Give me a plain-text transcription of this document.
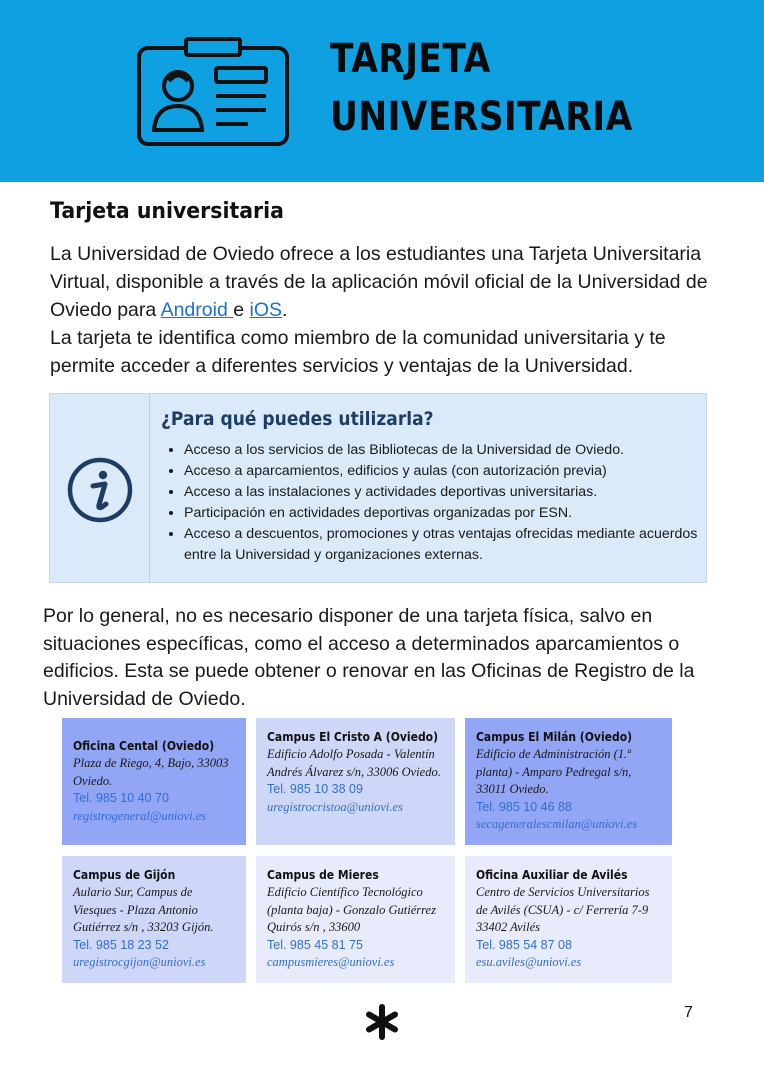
TARJETA
UNIVERSITARIA
Tarjeta universitaria
La Universidad de Oviedo ofrece a los estudiantes una Tarjeta Universitaria Virtual, disponible a través de la aplicación móvil oficial de la Universidad de Oviedo para Android e iOS.
La tarjeta te identifica como miembro de la comunidad universitaria y te permite acceder a diferentes servicios y ventajas de la Universidad.
¿Para qué puedes utilizarla?
• Acceso a los servicios de las Bibliotecas de la Universidad de Oviedo.
• Acceso a aparcamientos, edificios y aulas (con autorización previa)
• Acceso a las instalaciones y actividades deportivas universitarias.
• Participación en actividades deportivas organizadas por ESN.
• Acceso a descuentos, promociones y otras ventajas ofrecidas mediante acuerdos entre la Universidad y organizaciones externas.
Por lo general, no es necesario disponer de una tarjeta física, salvo en situaciones específicas, como el acceso a determinados aparcamientos o edificios. Esta se puede obtener o renovar en las Oficinas de Registro de la Universidad de Oviedo.
Oficina Cental (Oviedo)
Plaza de Riego, 4, Bajo, 33003 Oviedo.
Tel. 985 10 40 70
registrogeneral@uniovi.es
Campus El Cristo A (Oviedo)
Edificio Adolfo Posada - Valentín Andrés Álvarez s/n, 33006 Oviedo.
Tel. 985 10 38 09
uregistrocristoa@uniovi.es
Campus El Milán (Oviedo)
Edificio de Administración (1.ª planta) - Amparo Pedregal s/n, 33011 Oviedo.
Tel. 985 10 46 88
secageneralescmilan@uniovi.es
Campus de Gijón
Aulario Sur, Campus de Viesques - Plaza Antonio Gutiérrez s/n , 33203 Gijón.
Tel. 985 18 23 52
uregistrocgijon@uniovi.es
Campus de Mieres
Edificio Científico Tecnológico (planta baja) - Gonzalo Gutiérrez Quirós s/n , 33600
Tel. 985 45 81 75
campusmieres@uniovi.es
Oficina Auxiliar de Avilés
Centro de Servicios Universitarios de Avilés (CSUA) - c/ Ferrería 7-9 33402 Avilés
Tel. 985 54 87 08
esu.aviles@uniovi.es
7
